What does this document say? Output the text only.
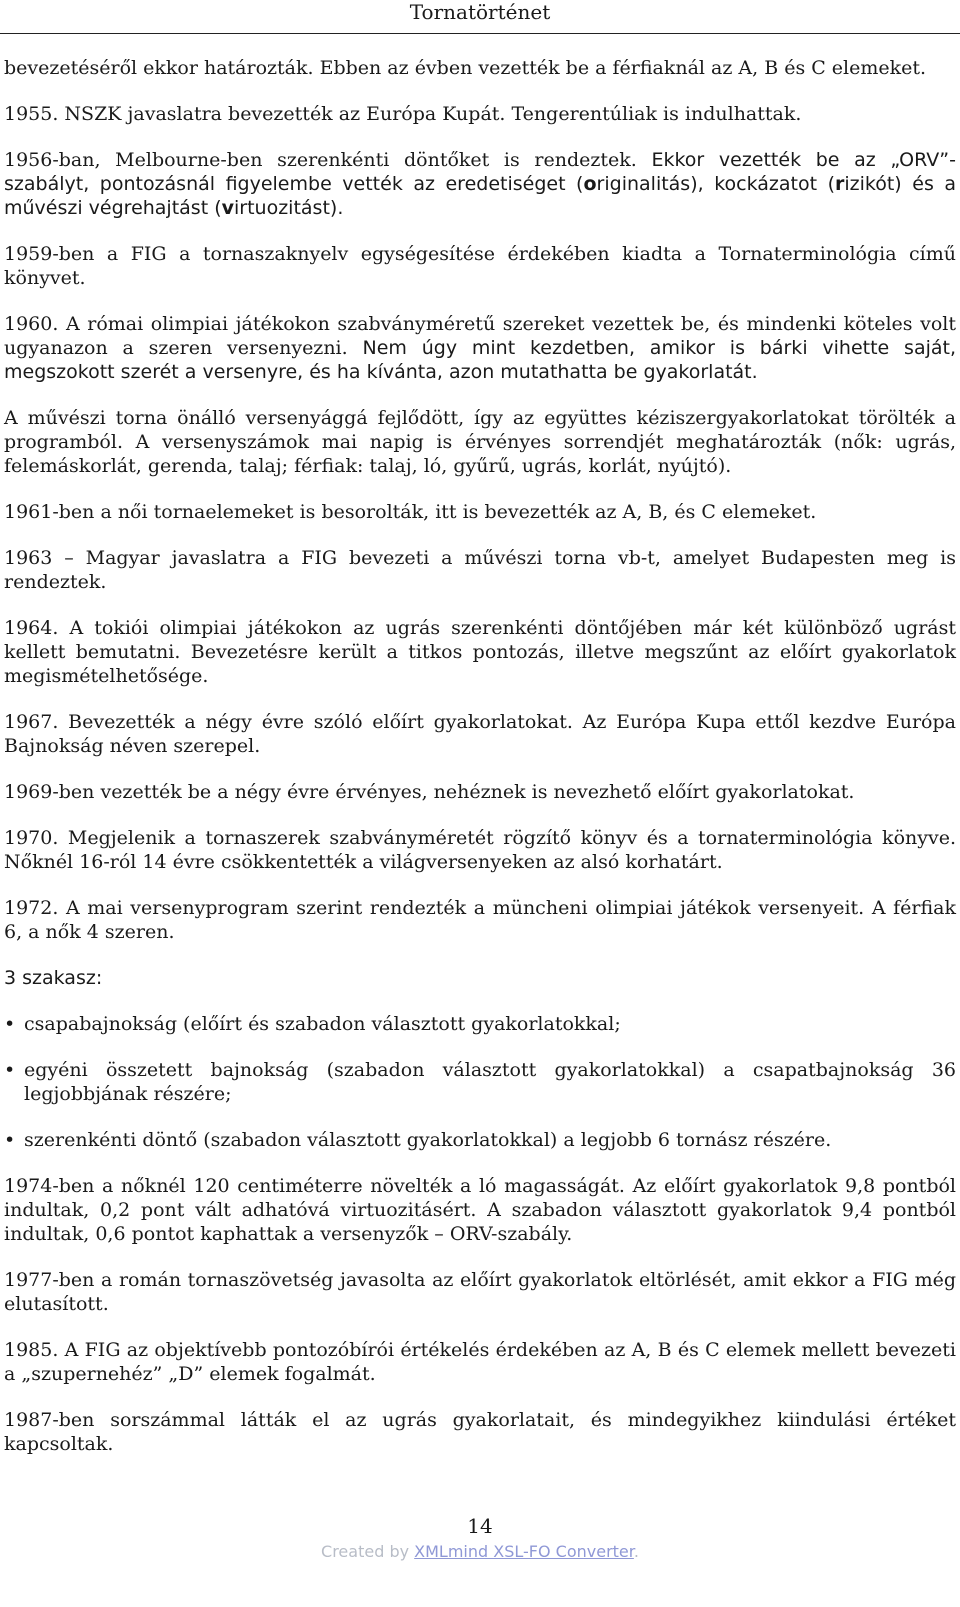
Tornatörténet

bevezetéséről ekkor határozták. Ebben az évben vezették be a férfiaknál az A, B és C elemeket.

1955. NSZK javaslatra bevezették az Európa Kupát. Tengerentúliak is indulhattak.

1956-ban, Melbourne-ben szerenkénti döntőket is rendeztek. Ekkor vezették be az „ORV”- szabályt, pontozásnál figyelembe vették az eredetiséget (originalitás), kockázatot (rizikót) és a művészi végrehajtást (virtuozitást).

1959-ben a FIG a tornaszaknyelv egységesítése érdekében kiadta a Tornaterminológia című könyvet.

1960. A római olimpiai játékokon szabványméretű szereket vezettek be, és mindenki köteles volt ugyanazon a szeren versenyezni. Nem úgy mint kezdetben, amikor is bárki vihette saját, megszokott szerét a versenyre, és ha kívánta, azon mutathatta be gyakorlatát.

A művészi torna önálló versenyággá fejlődött, így az együttes kéziszergyakorlatokat törölték a programból. A versenyszámok mai napig is érvényes sorrendjét meghatározták (nők: ugrás, felemáskorlát, gerenda, talaj; férfiak: talaj, ló, gyűrű, ugrás, korlát, nyújtó).

1961-ben a női tornaelemeket is besorolták, itt is bevezették az A, B, és C elemeket.

1963 – Magyar javaslatra a FIG bevezeti a művészi torna vb-t, amelyet Budapesten meg is rendeztek.

1964. A tokiói olimpiai játékokon az ugrás szerenkénti döntőjében már két különböző ugrást kellett bemutatni. Bevezetésre került a titkos pontozás, illetve megszűnt az előírt gyakorlatok megismételhetősége.

1967. Bevezették a négy évre szóló előírt gyakorlatokat. Az Európa Kupa ettől kezdve Európa Bajnokság néven szerepel.

1969-ben vezették be a négy évre érvényes, nehéznek is nevezhető előírt gyakorlatokat.

1970. Megjelenik a tornaszerek szabványméretét rögzítő könyv és a tornaterminológia könyve. Nőknél 16-ról 14 évre csökkentették a világversenyeken az alsó korhatárt.

1972. A mai versenyprogram szerint rendezték a müncheni olimpiai játékok versenyeit. A férfiak 6, a nők 4 szeren.

3 szakasz:

• csapabajnokság (előírt és szabadon választott gyakorlatokkal;
• egyéni összetett bajnokság (szabadon választott gyakorlatokkal) a csapatbajnokság 36 legjobbjának részére;
• szerenkénti döntő (szabadon választott gyakorlatokkal) a legjobb 6 tornász részére.

1974-ben a nőknél 120 centiméterre növelték a ló magasságát. Az előírt gyakorlatok 9,8 pontból indultak, 0,2 pont vált adhatóvá virtuozitásért. A szabadon választott gyakorlatok 9,4 pontból indultak, 0,6 pontot kaphattak a versenyzők – ORV-szabály.

1977-ben a román tornaszövetség javasolta az előírt gyakorlatok eltörlését, amit ekkor a FIG még elutasított.

1985. A FIG az objektívebb pontozóbírói értékelés érdekében az A, B és C elemek mellett bevezeti a „szupernehéz” „D” elemek fogalmát.

1987-ben sorszámmal látták el az ugrás gyakorlatait, és mindegyikhez kiindulási értéket kapcsoltak.

14
Created by XMLmind XSL-FO Converter.
